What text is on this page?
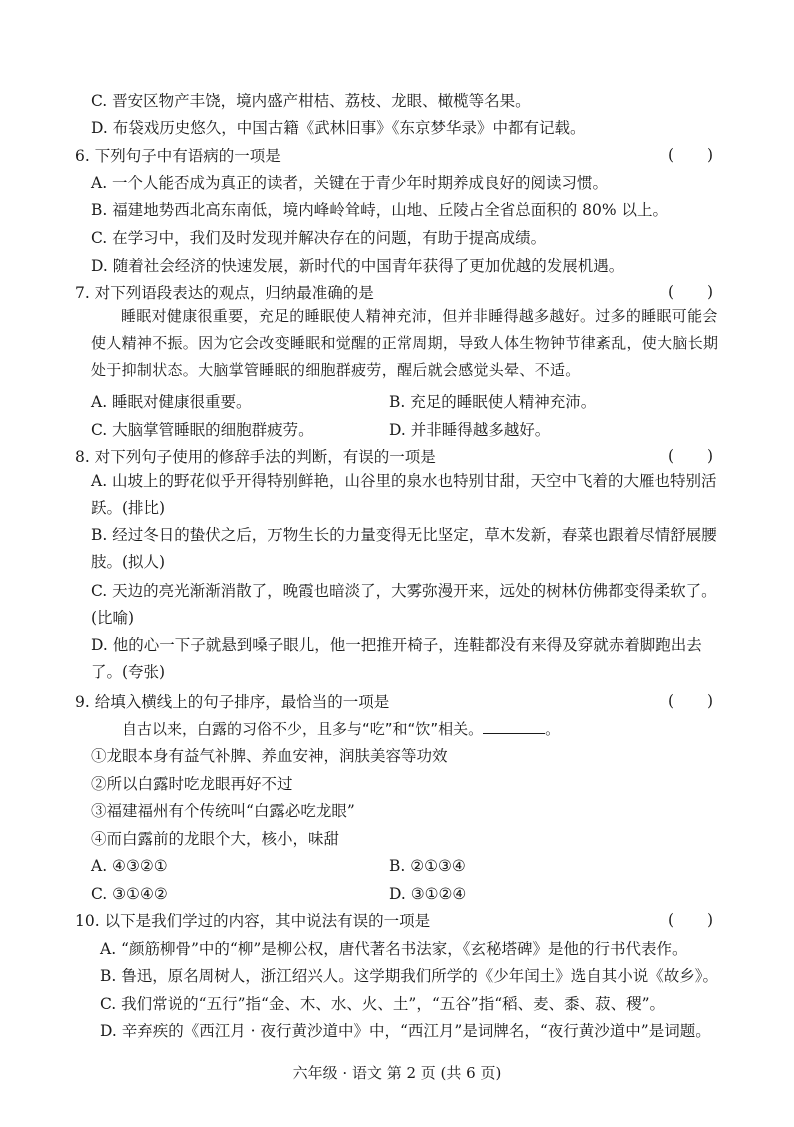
C. 晋安区物产丰饶，境内盛产柑桔、荔枝、龙眼、橄榄等名果。
D. 布袋戏历史悠久，中国古籍《武林旧事》《东京梦华录》中都有记载。
6. 下列句子中有语病的一项是	( )
A. 一个人能否成为真正的读者，关键在于青少年时期养成良好的阅读习惯。
B. 福建地势西北高东南低，境内峰岭耸峙，山地、丘陵占全省总面积的 80% 以上。
C. 在学习中，我们及时发现并解决存在的问题，有助于提高成绩。
D. 随着社会经济的快速发展，新时代的中国青年获得了更加优越的发展机遇。
7. 对下列语段表达的观点，归纳最准确的是	( )
睡眠对健康很重要，充足的睡眠使人精神充沛，但并非睡得越多越好。过多的睡眠可能会使人精神不振。因为它会改变睡眠和觉醒的正常周期，导致人体生物钟节律紊乱，使大脑长期处于抑制状态。大脑掌管睡眠的细胞群疲劳，醒后就会感觉头晕、不适。
A. 睡眠对健康很重要。	B. 充足的睡眠使人精神充沛。
C. 大脑掌管睡眠的细胞群疲劳。	D. 并非睡得越多越好。
8. 对下列句子使用的修辞手法的判断，有误的一项是	( )
A. 山坡上的野花似乎开得特别鲜艳，山谷里的泉水也特别甘甜，天空中飞着的大雁也特别活跃。(排比)
B. 经过冬日的蛰伏之后，万物生长的力量变得无比坚定，草木发新，春菜也跟着尽情舒展腰肢。(拟人)
C. 天边的亮光渐渐消散了，晚霞也暗淡了，大雾弥漫开来，远处的树林仿佛都变得柔软了。(比喻)
D. 他的心一下子就悬到嗓子眼儿，他一把推开椅子，连鞋都没有来得及穿就赤着脚跑出去了。(夸张)
9. 给填入横线上的句子排序，最恰当的一项是	( )
自古以来，白露的习俗不少，且多与“吃”和“饮”相关。	。
①龙眼本身有益气补脾、养血安神，润肤美容等功效
②所以白露时吃龙眼再好不过
③福建福州有个传统叫“白露必吃龙眼”
④而白露前的龙眼个大，核小，味甜
A. ④③②①	B. ②①③④
C. ③①④②	D. ③①②④
10. 以下是我们学过的内容，其中说法有误的一项是	( )
A. “颜筋柳骨”中的“柳”是柳公权，唐代著名书法家，《玄秘塔碑》是他的行书代表作。
B. 鲁迅，原名周树人，浙江绍兴人。这学期我们所学的《少年闰土》选自其小说《故乡》。
C. 我们常说的“五行”指“金、木、水、火、土”，“五谷”指“稻、麦、黍、菽、稷”。
D. 辛弃疾的《西江月 · 夜行黄沙道中》中，“西江月”是词牌名，“夜行黄沙道中”是词题。
六年级 · 语文 第 2 页 (共 6 页)
